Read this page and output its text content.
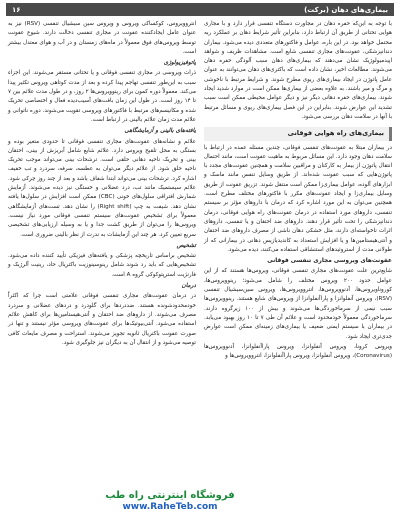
بیماری‌های دهان (برکت)
۱۶

با توجه به این‌که حفره دهان در مجاورت دستگاه تنفسی قرار دارد و با مجاری هوایی تحتانی از طریق آن ارتباط دارد، بنابراین تأثیر شرایط دهان بر عملکرد ریه محتمل خواهد بود. در این باره، عوامل و فاکتورهای متعددی دیده می‌شود. بیماران دندانپزشکی، عفونت‌های مجاری تنفسی شایع است. مشاهدات ظریف و شواهد اپیدمیولوژیک نشان می‌دهند که بیماری‌های دهان سبب آلودگی حفره دهان می‌شوند. مطالعات اخیر، نشان داده است که باکتری‌های دهان می‌توانند به عنوان عامل پاتوژن در ایجاد بیماری‌های ریوی مطرح شوند. و شرایط مرتبط با ناخوشی و مرگ و میر باشند. به علاوه بعضی از بیماری‌ها ممکن است در موارد شدید ایجاد شوند. بیماری‌های حفره دهانی دیگر نیز و دیگر عوامل محیطی ممکن است سبب تشدید این عوارض شوند. بنابراین در این فصل بیماری‌های ریوی و مسائل مرتبط با آنها در سلامت دهان بررسی می‌شود.

بیماری‌های راه هوایی فوقانی

در بیماران مبتلا به عفونت‌های تنفسی فوقانی، چندین مسئله عمده در ارتباط با سلامت دهان وجود دارد. این مسائل مربوط به ماهیت عفونت است، مانند احتمال انتقال پاتوژن از بیمار به کارکنان و مراقبین سلامت و همچنین عفونت‌های مجدد با پاتوژن‌هایی که سبب عفونت شده‌اند. از طریق وسایل تنفس مانند ماسک و ابزارهای آلوده، عوامل بیماری‌زا ممکن است منتقل شوند. تزریق عفونت از طریق وسایل بیماری‌زا و ایجاد عفونت‌های مکرر با فاکتورهای مختلف مطرح است. همچنین می‌توان به این مورد اشاره کرد که درمان با داروهای مؤثر بر سیستم تنفسی، داروهای مورد استفاده در درمان عفونت‌های راه هوایی فوقانی، درمان دندانپزشکی را تحت تأثیر قرار دهند. داروهای ضد احتقان و یا تنفسی، داروهای اثرات ناخواسته‌ای دارند، مثل خشکی دهان ناشی از مصرف داروهای ضد احتقان و آنتی‌هیستامین‌ها و یا افزایش استعداد به کاندیدیازیس دهانی در بیمارانی که از طولانی مدت از استروئیدهای استنشاقی استفاده می‌کنند، دیده می‌شود.

عفونت‌های ویروسی مجاری تنفسی فوقانی

شایع‌ترین علت عفونت‌های مجاری تنفسی فوقانی، ویروس‌ها هستند که از این عوامل حدود ۲۰۰ ویروس مختلف را شامل می‌شود؛ رینوویروس‌ها، کوروناویروس‌ها، آدنوویروس‌ها، انتروویروس‌ها، ویروس سین‌سیشیال تنفسی (RSV)، ویروس آنفلوانزا و پاراآنفلوانزا از ویروس‌های شایع هستند. رینوویروس‌ها سبب نیمی از سرماخوردگی‌ها می‌شوند و بیش از ۱۰۰ زیرگروه دارند. سرماخوردگی معمولاً خودمحدود است و علائم آن طی ۷ تا ۱۰ روز بهبود می‌یابد. در بیماران با سیستم ایمنی ضعیف یا بیماری‌های زمینه‌ای ممکن است عوارض جدی‌تری ایجاد شود.

ویروس کرونا، ویروس آنفلوانزا، ویروس پاراآنفلوانزا، آدنوویروس‌ها (Coronavirus)، ویروس آنفلوانزا، ویروس پاراآنفلوانزا، انتروویروس‌ها و

انتروویروس، کوکساکی ویروس و ویروس سین سیشیال تنفسی (RSV) نیز به عنوان عامل ایجادکننده عفونت در مجاری تنفسی دخالت دارند. شیوع عفونت توسط ویروس‌های فوق معمولاً در ماه‌های زمستان و در آب و هوای معتدل بیشتر است.

پاتوفیزیولوژی

ذرات ویروسی در مجاری تنفسی فوقانی و یا تحتانی مستقر می‌شوند. این اجزاء سبب به این‌طور تنفسی تهاجم پیدا کرده و بعد از مدت کوتاهی ویروس تکثیر پیدا می‌کند. معمولاً دوره کمون برای رینوویروس‌ها ۲ روز، و در طول مدت علائم بین ۷ تا ۱۴ روز است. در طول این زمان بافت‌های آسیب‌دیده فعال و اختصاصی تحریک شده و مکانیسم‌های مرتبط با فاکتورهای ویروسی تقویت می‌شوند. دوره ناتوانی و علائم مدت زمان علائم بالینی در ارتباط است.

یافته‌های بالینی و آزمایشگاهی

علائم و نشانه‌های عفونت‌های مجاری تنفسی فوقانی تا حدودی متغیر بوده و بستگی به محل تلقیح ویروس دارد. علائم شایع شامل آبریزش از بینی، احتقان بینی و تحریک ناحیه دهانی حلقی است. ترشحات بینی می‌تواند موجب تحریک ناحیه حلق شود. از علائم دیگر می‌توان به عطسه، سرفه، سردرد و تب خفیف اشاره کرد. ترشحات بینی می‌تواند ابتدا شفاف باشد و بعد از چند روز چرکی شود. علائم سیستمیک مانند تب، درد عضلانی و خستگی نیز دیده می‌شوند. آزمایش شمارش افتراقی سلول‌های خونی (CBC) ممکن است افزایش در سلول‌ها یافته نشان دهد. شیفت به چپ (Right shift) را نشان دهد. تست‌های آزمایشگاهی معمولاً برای تشخیص عفونت‌های سیستم تنفسی فوقانی مورد نیاز نیست. ویروس‌ها را می‌توان از طریق کشت جدا و یا به وسیله ارزیابی‌های تشخیصی سریع تعیین کرد. هر چند این آزمایشات به ندرت از نظر بالینی ضروری است.

تشخیص

تشخیص براساس تاریخچه پزشکی و یافته‌های فیزیکی تأیید کننده داده می‌شود. تشخیص‌هایی که باید رد شوند شامل رینوسینوزیت باکتریال حاد، رینیت آلرژیک و فارنژیت استرپتوکوکی گروه A است.

درمان

در درمان عفونت‌های مجاری تنفسی فوقانی علامتی است چرا که اکثراً خودمحدودشونده هستند. ضددردها برای گلودرد و درد‌های عضلانی و سردرد مصرف می‌شوند. از داروهای ضد احتقان و آنتی‌هیستامین‌ها برای کاهش علائم استفاده می‌شود. آنتی‌بیوتیک‌ها برای عفونت‌های ویروسی مؤثر نیستند و تنها در صورت عفونت باکتریال ثانویه تجویز می‌شوند. استراحت و مصرف مایعات کافی توصیه می‌شود و از انتقال آن به دیگران نیز جلوگیری شود.

فروشگاه اینترنتی راه طب
www.RaheTeb.com
